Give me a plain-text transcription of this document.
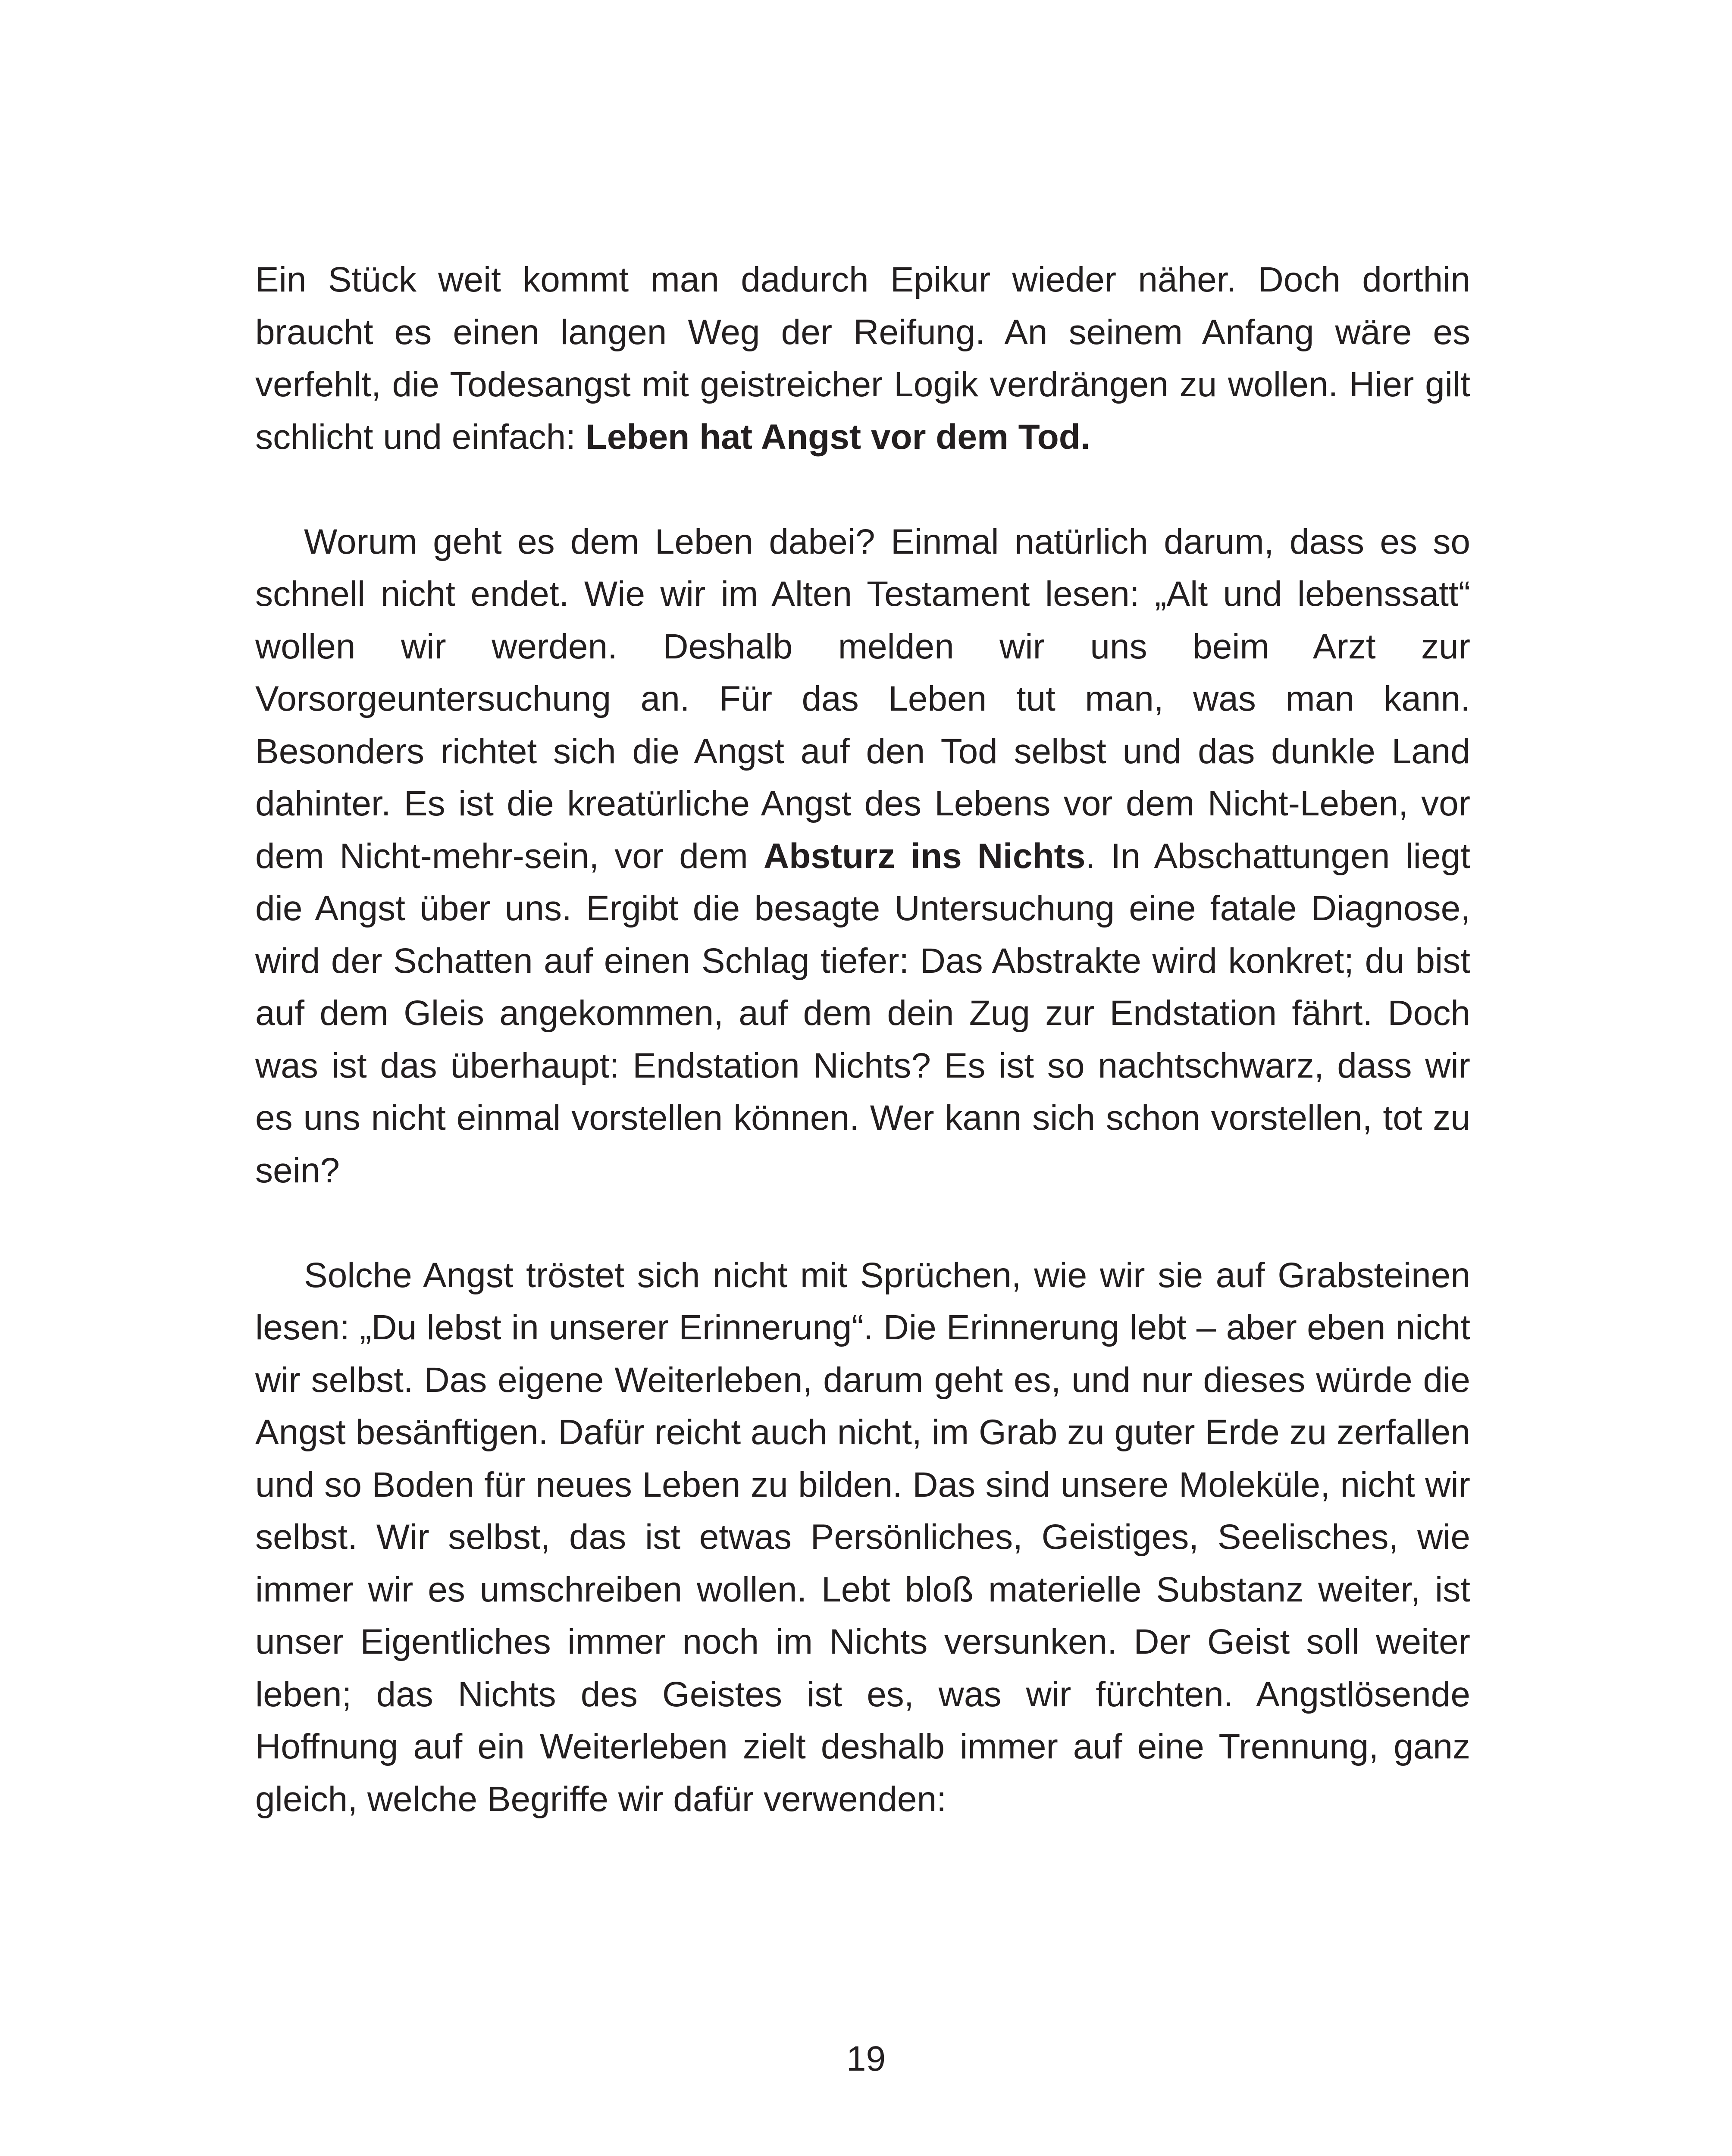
Ein Stück weit kommt man dadurch Epikur wieder näher. Doch dorthin braucht es einen langen Weg der Reifung. An seinem Anfang wäre es verfehlt, die Todesangst mit geistreicher Logik verdrängen zu wollen. Hier gilt schlicht und einfach: Leben hat Angst vor dem Tod.

Worum geht es dem Leben dabei? Einmal natürlich darum, dass es so schnell nicht endet. Wie wir im Alten Testament lesen: „Alt und lebenssatt“ wollen wir werden. Deshalb melden wir uns beim Arzt zur Vorsorgeuntersuchung an. Für das Leben tut man, was man kann. Besonders richtet sich die Angst auf den Tod selbst und das dunkle Land dahinter. Es ist die kreatürliche Angst des Lebens vor dem Nicht-Leben, vor dem Nicht-mehr-sein, vor dem Absturz ins Nichts. In Abschattungen liegt die Angst über uns. Ergibt die besagte Untersuchung eine fatale Diagnose, wird der Schatten auf einen Schlag tiefer: Das Abstrakte wird konkret; du bist auf dem Gleis angekommen, auf dem dein Zug zur Endstation fährt. Doch was ist das überhaupt: Endstation Nichts? Es ist so nachtschwarz, dass wir es uns nicht einmal vorstellen können. Wer kann sich schon vorstellen, tot zu sein?

Solche Angst tröstet sich nicht mit Sprüchen, wie wir sie auf Grabsteinen lesen: „Du lebst in unserer Erinnerung“. Die Erinnerung lebt – aber eben nicht wir selbst. Das eigene Weiterleben, darum geht es, und nur dieses würde die Angst besänftigen. Dafür reicht auch nicht, im Grab zu guter Erde zu zerfallen und so Boden für neues Leben zu bilden. Das sind unsere Moleküle, nicht wir selbst. Wir selbst, das ist etwas Persönliches, Geistiges, Seelisches, wie immer wir es umschreiben wollen. Lebt bloß materielle Substanz weiter, ist unser Eigentliches immer noch im Nichts versunken. Der Geist soll weiter leben; das Nichts des Geistes ist es, was wir fürchten. Angstlösende Hoffnung auf ein Weiterleben zielt deshalb immer auf eine Trennung, ganz gleich, welche Begriffe wir dafür verwenden:

19
